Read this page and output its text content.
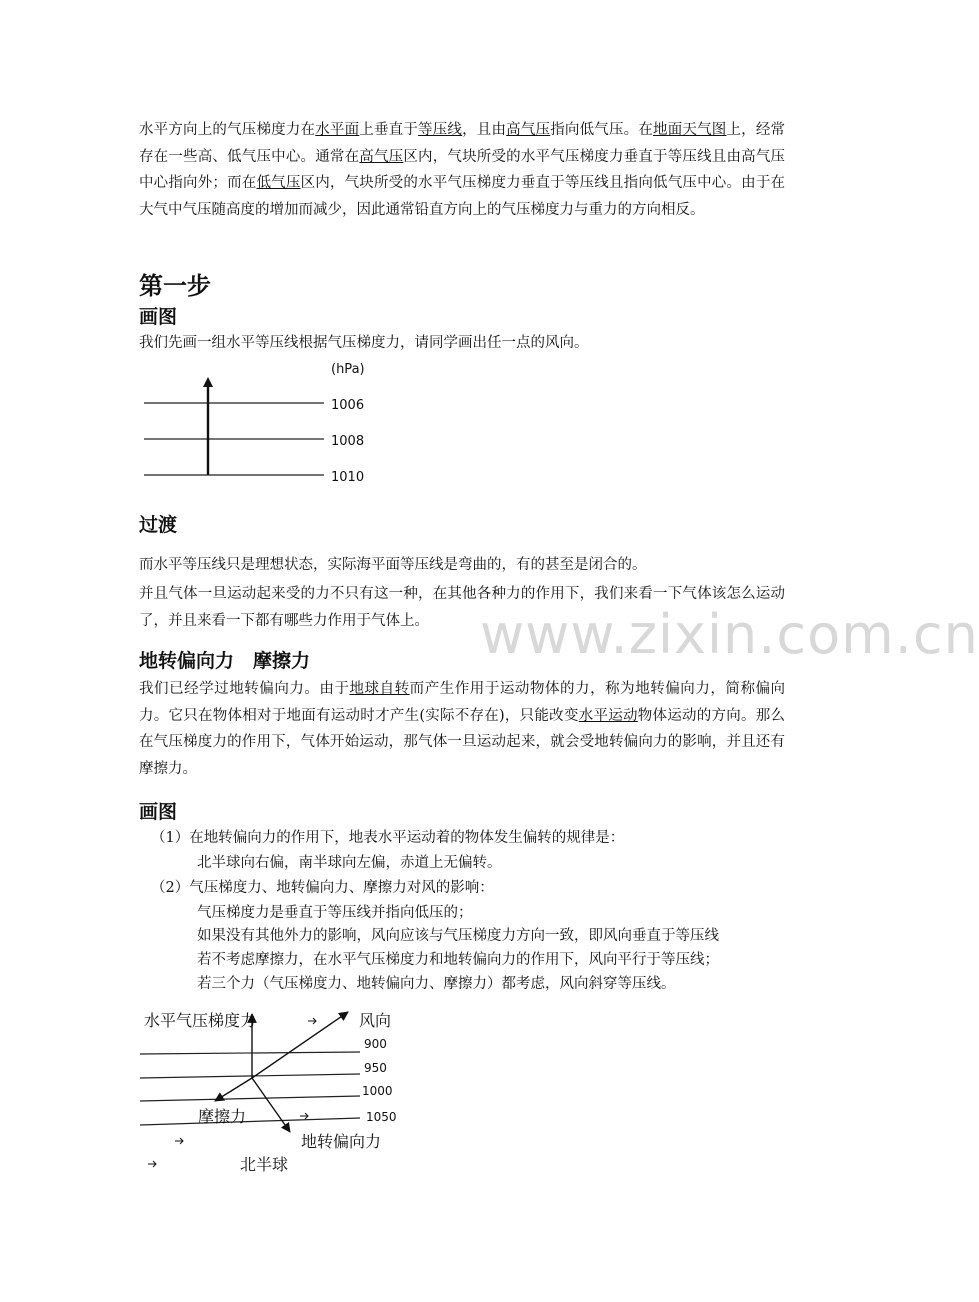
www.zixin.com.cn
水平方向上的气压梯度力在水平面上垂直于等压线，且由高气压指向低气压。在地面天气图上，经常存在一些高、低气压中心。通常在高气压区内，气块所受的水平气压梯度力垂直于等压线且由高气压中心指向外；而在低气压区内，气块所受的水平气压梯度力垂直于等压线且指向低气压中心。由于在大气中气压随高度的增加而减少，因此通常铅直方向上的气压梯度力与重力的方向相反。
第一步
画图
我们先画一组水平等压线根据气压梯度力，请同学画出任一点的风向。
过渡
而水平等压线只是理想状态，实际海平面等压线是弯曲的，有的甚至是闭合的。
并且气体一旦运动起来受的力不只有这一种，在其他各种力的作用下，我们来看一下气体该怎么运动了，并且来看一下都有哪些力作用于气体上。
地转偏向力　摩擦力
我们已经学过地转偏向力。由于地球自转而产生作用于运动物体的力，称为地转偏向力，简称偏向力。它只在物体相对于地面有运动时才产生(实际不存在)，只能改变水平运动物体运动的方向。那么在气压梯度力的作用下，气体开始运动，那气体一旦运动起来，就会受地转偏向力的影响，并且还有摩擦力。
画图
（1）在地转偏向力的作用下，地表水平运动着的物体发生偏转的规律是：
北半球向右偏，南半球向左偏，赤道上无偏转。
（2）气压梯度力、地转偏向力、摩擦力对风的影响：
气压梯度力是垂直于等压线并指向低压的；
如果没有其他外力的影响，风向应该与气压梯度力方向一致，即风向垂直于等压线
若不考虑摩擦力，在水平气压梯度力和地转偏向力的作用下，风向平行于等压线；
若三个力（气压梯度力、地转偏向力、摩擦力）都考虑，风向斜穿等压线。
(hPa)
1006
1008
1010
水平气压梯度力	风向
900
950
1000
1050
摩擦力
地转偏向力
北半球
